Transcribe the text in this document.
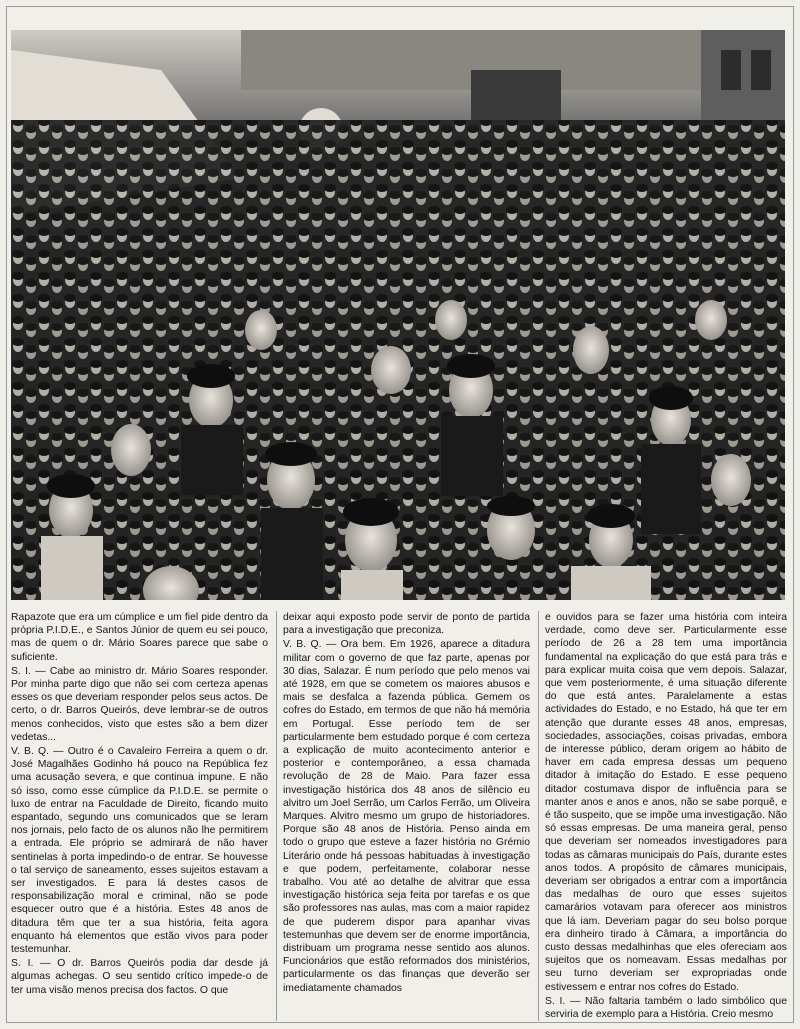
Rapazote que era um cúmplice e um fiel pide dentro da própria P.I.D.E., e Santos Júnior de quem eu sei pouco, mas de quem o dr. Mário Soares parece que sabe o suficiente.

S. I. — Cabe ao ministro dr. Mário Soares responder. Por minha parte digo que não sei com certeza apenas esses os que deveriam responder pelos seus actos. De certo, o dr. Barros Queirós, deve lembrar-se de outros menos conhecidos, visto que estes são a bem dizer vedetas...

V. B. Q. — Outro é o Cavaleiro Ferreira a quem o dr. José Magalhães Godinho há pouco na República fez uma acusação severa, e que continua impune. E não só isso, como esse cúmplice da P.I.D.E. se permite o luxo de entrar na Faculdade de Direito, ficando muito espantado, segundo uns comunicados que se leram nos jornais, pelo facto de os alunos não lhe permitirem a entrada. Ele próprio se admirará de não haver sentinelas à porta impedindo-o de entrar. Se houvesse o tal serviço de saneamento, esses sujeitos estavam a ser investigados. E para lá destes casos de responsabilização moral e criminal, não se pode esquecer outro que é a história. Estes 48 anos de ditadura têm que ter a sua história, feita agora enquanto há elementos que estão vivos para poder testemunhar.

S. I. — O dr. Barros Queirós podia dar desde já algumas achegas. O seu sentido crítico impede-o de ter uma visão menos precisa dos factos. O que

deixar aqui exposto pode servir de ponto de partida para a investigação que preconiza.

V. B. Q. — Ora bem. Em 1926, aparece a ditadura militar com o governo de que faz parte, apenas por 30 dias, Salazar. É num período que pelo menos vai até 1928, em que se cometem os maiores abusos e mais se desfalca a fazenda pública. Gemem os cofres do Estado, em termos de que não há memória em Portugal. Esse período tem de ser particularmente bem estudado porque é com certeza a explicação de muito acontecimento anterior e posterior e contemporâneo, a essa chamada revolução de 28 de Maio. Para fazer essa investigação histórica dos 48 anos de silêncio eu alvitro um Joel Serrão, um Carlos Ferrão, um Oliveira Marques. Alvitro mesmo um grupo de historiadores. Porque são 48 anos de História. Penso ainda em todo o grupo que esteve a fazer história no Grémio Literário onde há pessoas habituadas à investigação e que podem, perfeitamente, colaborar nesse trabalho. Vou até ao detalhe de alvitrar que essa investigação histórica seja feita por tarefas e os que são professores nas aulas, mas com a maior rapidez de que puderem dispor para apanhar vivas testemunhas que devem ser de enorme importância, distribuam um programa nesse sentido aos alunos. Funcionários que estão reformados dos ministérios, particularmente os das finanças que deverão ser imediatamente chamados

e ouvidos para se fazer uma história com inteira verdade, como deve ser. Particularmente esse período de 26 a 28 tem uma importância fundamental na explicação do que está para trás e para explicar muita coisa que vem depois. Salazar, que vem posteriormente, é uma situação diferente do que está antes. Paralelamente a estas actividades do Estado, e no Estado, há que ter em atenção que durante esses 48 anos, empresas, sociedades, associações, coisas privadas, embora de interesse público, deram origem ao hábito de haver em cada empresa dessas um pequeno ditador à imitação do Estado. E esse pequeno ditador costumava dispor de influência para se manter anos e anos e anos, não se sabe porquê, e é tão suspeito, que se impõe uma investigação. Não só essas empresas. De uma maneira geral, penso que deveriam ser nomeados investigadores para todas as câmaras municipais do País, durante estes anos todos. A propósito de câmares municipais, deveriam ser obrigados a entrar com a importância das medalhas de ouro que esses sujeitos camarários votavam para oferecer aos ministros que lá iam. Deveriam pagar do seu bolso porque era dinheiro tirado à Câmara, a importância do custo dessas medalhinhas que eles ofereciam aos sujeitos que os nomeavam. Essas medalhas por seu turno deveriam ser expropriadas onde estivessem e entrar nos cofres do Estado.

S. I. — Não faltaria também o lado simbólico que serviria de exemplo para a História. Creio mesmo
